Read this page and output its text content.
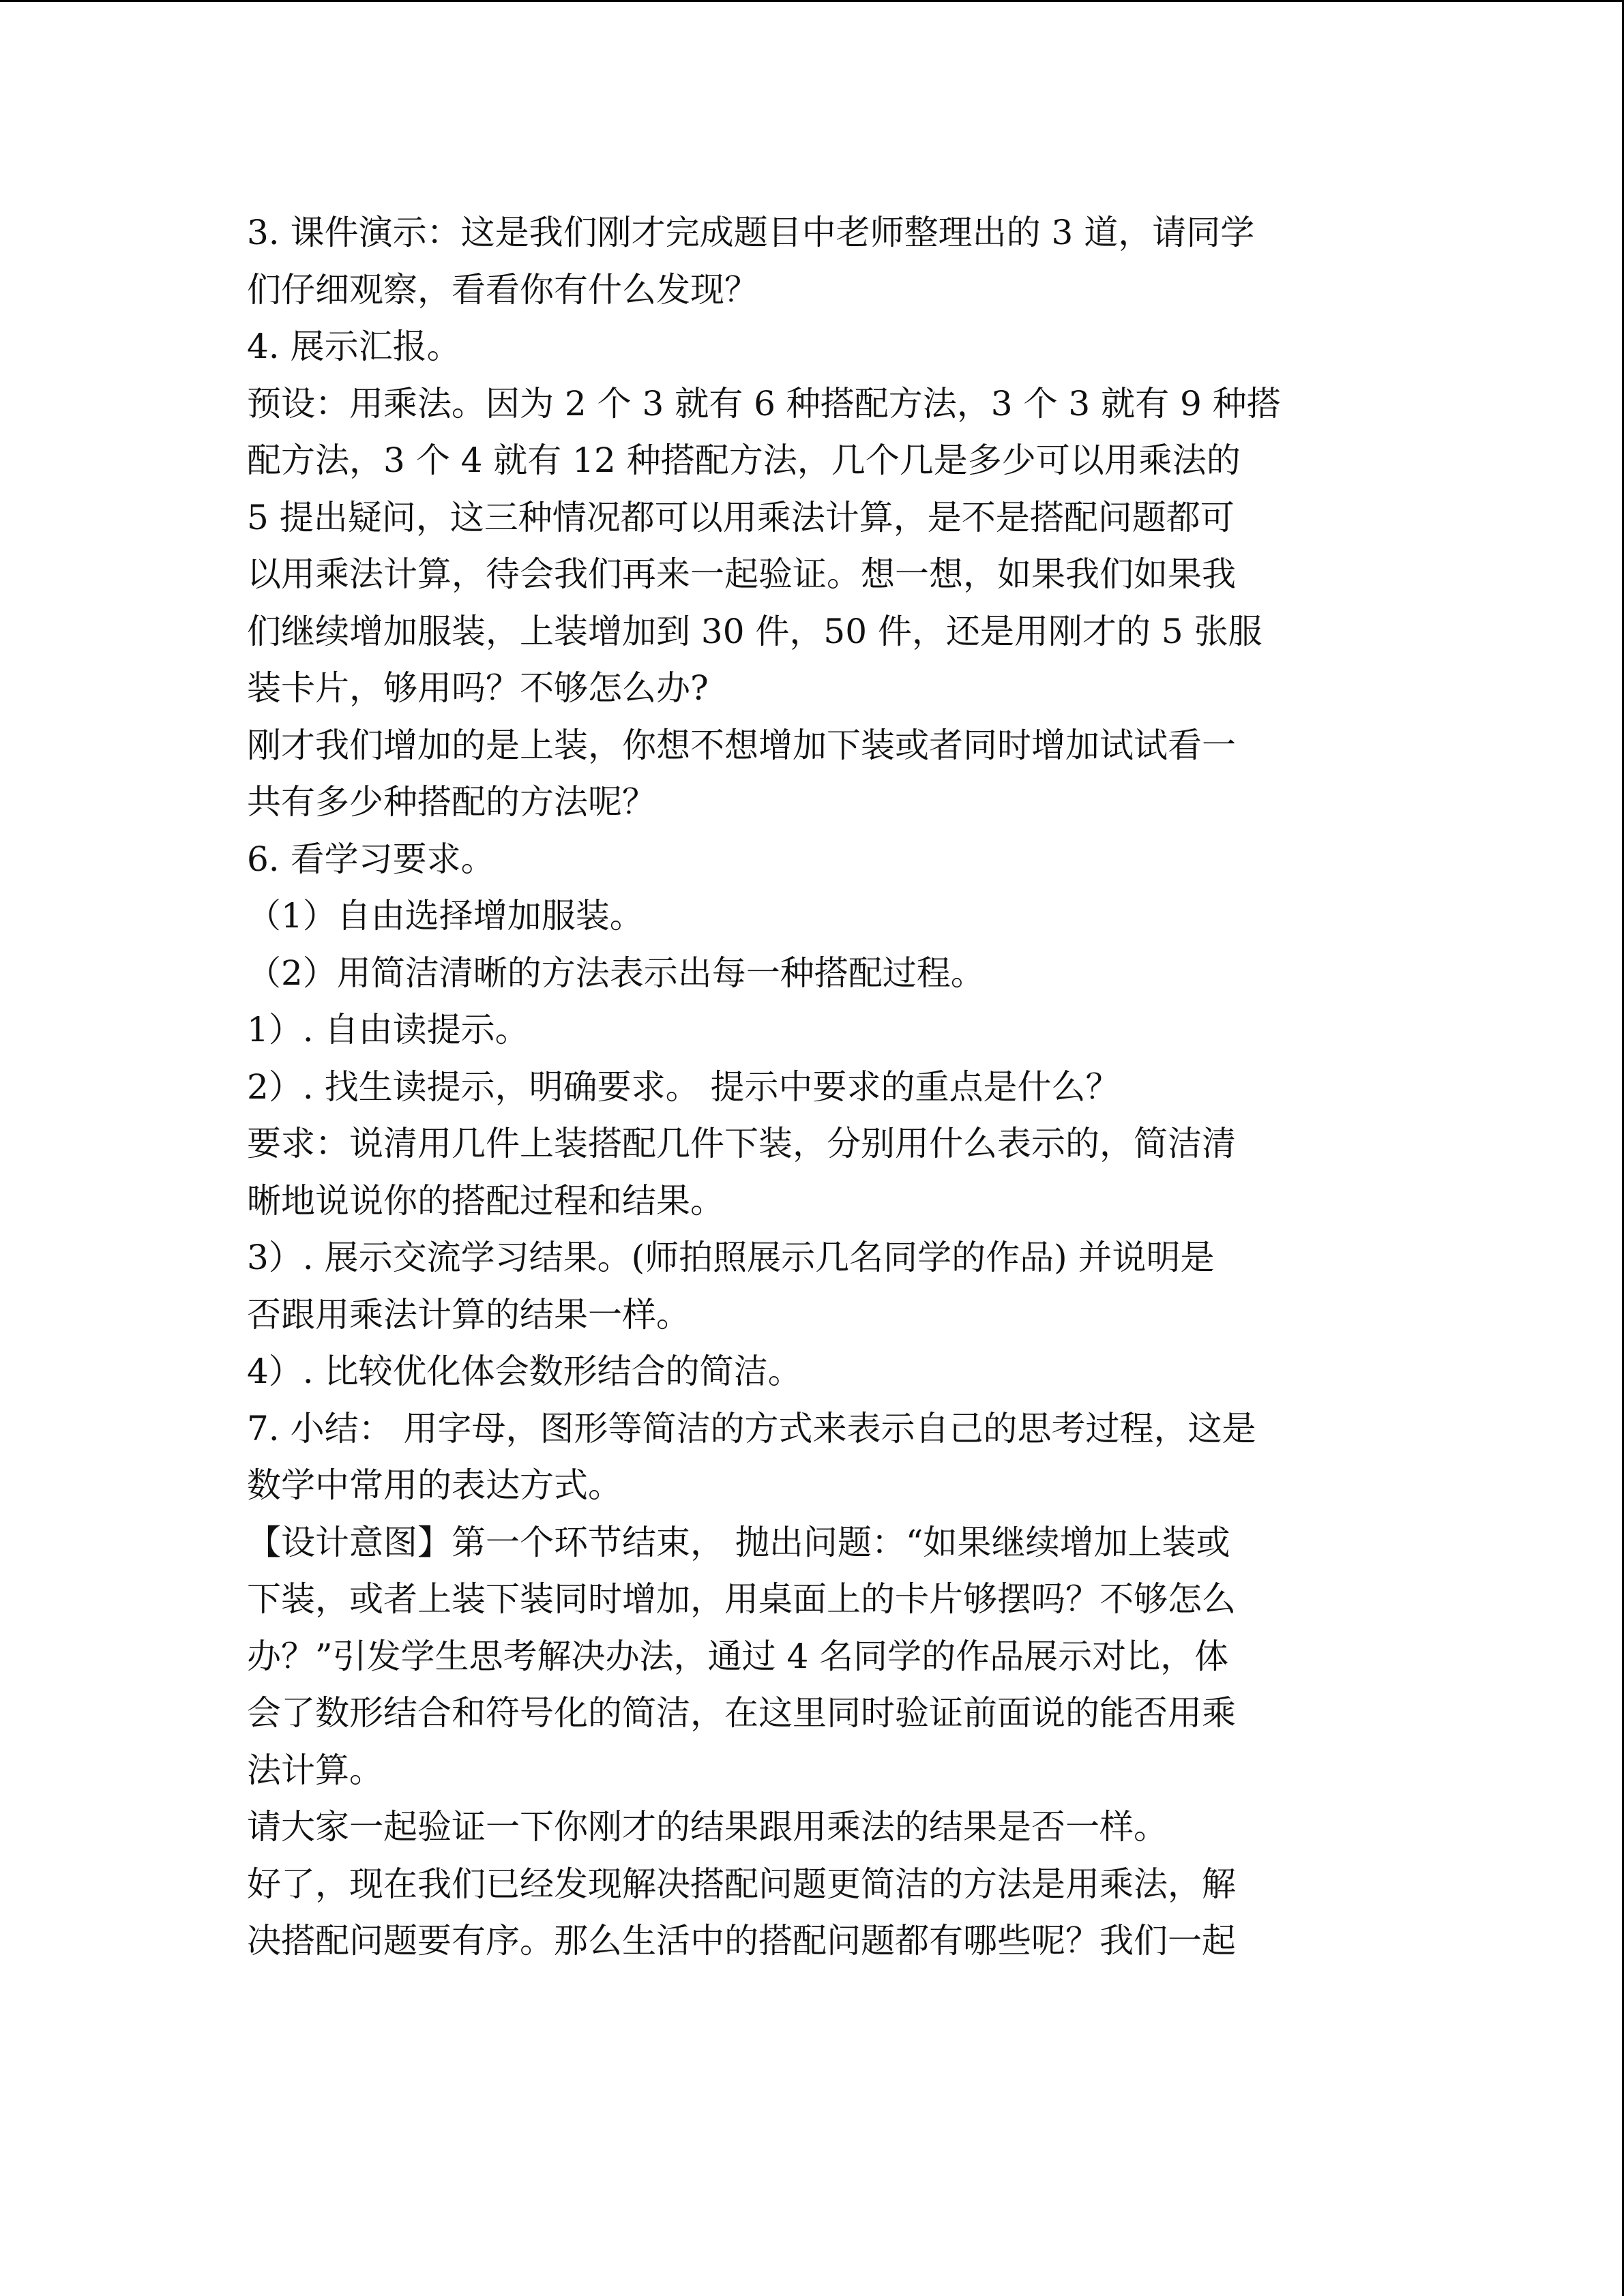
3. 课件演示：这是我们刚才完成题目中老师整理出的 3 道，请同学

们仔细观察，看看你有什么发现？

4. 展示汇报。

预设：用乘法。因为 2 个 3 就有 6 种搭配方法，3 个 3 就有 9 种搭

配方法，3 个 4 就有 12 种搭配方法，几个几是多少可以用乘法的

5 提出疑问，这三种情况都可以用乘法计算，是不是搭配问题都可

以用乘法计算，待会我们再来一起验证。想一想，如果我们如果我

们继续增加服装，上装增加到 30 件，50 件，还是用刚才的 5 张服

装卡片，够用吗？不够怎么办?

刚才我们增加的是上装，你想不想增加下装或者同时增加试试看一

共有多少种搭配的方法呢？

6. 看学习要求。

（1）自由选择增加服装。

（2）用简洁清晰的方法表示出每一种搭配过程。

1）. 自由读提示。

2）. 找生读提示，明确要求。 提示中要求的重点是什么？

要求：说清用几件上装搭配几件下装，分别用什么表示的，简洁清

晰地说说你的搭配过程和结果。

3）. 展示交流学习结果。(师拍照展示几名同学的作品) 并说明是

否跟用乘法计算的结果一样。

4）. 比较优化体会数形结合的简洁。

7. 小结： 用字母，图形等简洁的方式来表示自己的思考过程，这是

数学中常用的表达方式。

【设计意图】第一个环节结束， 抛出问题：“如果继续增加上装或

下装，或者上装下装同时增加，用桌面上的卡片够摆吗？不够怎么

办？”引发学生思考解决办法，通过 4 名同学的作品展示对比，体

会了数形结合和符号化的简洁，在这里同时验证前面说的能否用乘

法计算。

请大家一起验证一下你刚才的结果跟用乘法的结果是否一样。

好了，现在我们已经发现解决搭配问题更简洁的方法是用乘法，解

决搭配问题要有序。那么生活中的搭配问题都有哪些呢？我们一起
